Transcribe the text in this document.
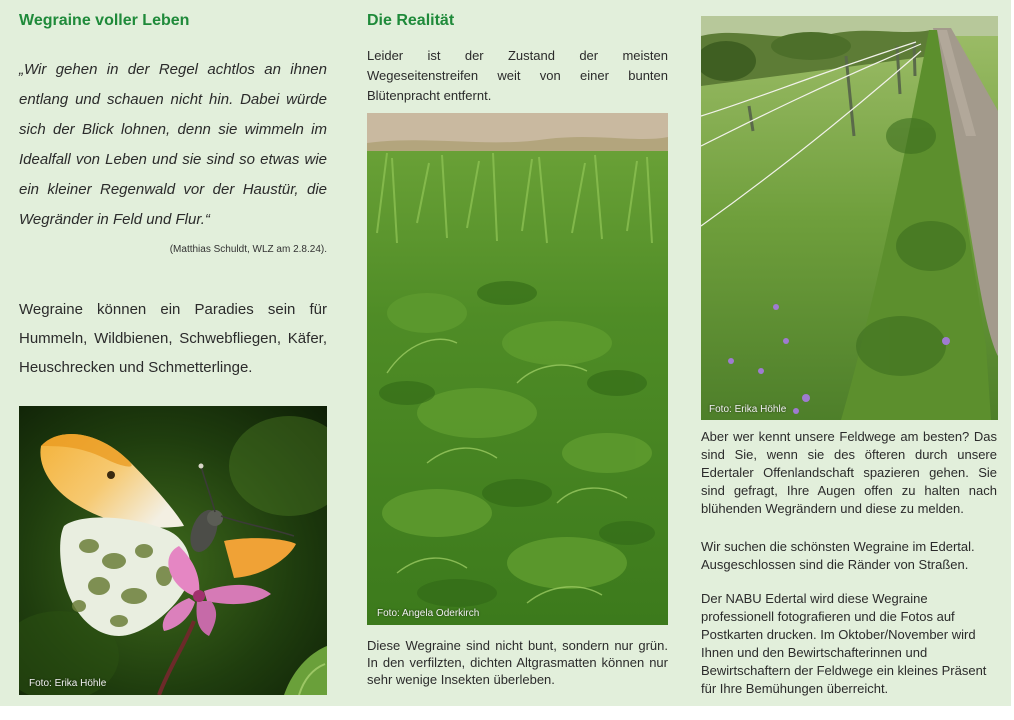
Wegraine voller Leben

„Wir gehen in der Regel achtlos an ihnen entlang und schauen nicht hin. Dabei würde sich der Blick lohnen, denn sie wimmeln im Idealfall von Leben und sie sind so etwas wie ein kleiner Regenwald vor der Haustür, die Wegränder in Feld und Flur.“

(Matthias Schuldt, WLZ am 2.8.24).

Wegraine können ein Paradies sein für Hummeln, Wildbienen, Schwebfliegen, Käfer, Heuschrecken und Schmetterlinge.

Foto: Erika Höhle
Die Realität

Leider ist der Zustand der meisten Wegeseitenstreifen weit von einer bunten Blütenpracht entfernt.

Foto: Angela Oderkirch

Diese Wegraine sind nicht bunt, sondern nur grün. In den verfilzten, dichten Altgrasmatten können nur sehr wenige Insekten überleben.

Foto: Erika Höhle

Aber wer kennt unsere Feldwege am besten? Das sind Sie, wenn sie des öfteren durch unsere Edertaler Offenlandschaft spazieren gehen. Sie sind gefragt, Ihre Augen offen zu halten nach blühenden Wegrändern und diese zu melden.

Wir suchen die schönsten Wegraine im Edertal. Ausgeschlossen sind die Ränder von Straßen.

Der NABU Edertal wird diese Wegraine professionell fotografieren und die Fotos auf Postkarten drucken. Im Oktober/November wird Ihnen und den Bewirtschafterinnen und Bewirtschaftern der Feldwege ein kleines Präsent für Ihre Bemühungen überreicht.
